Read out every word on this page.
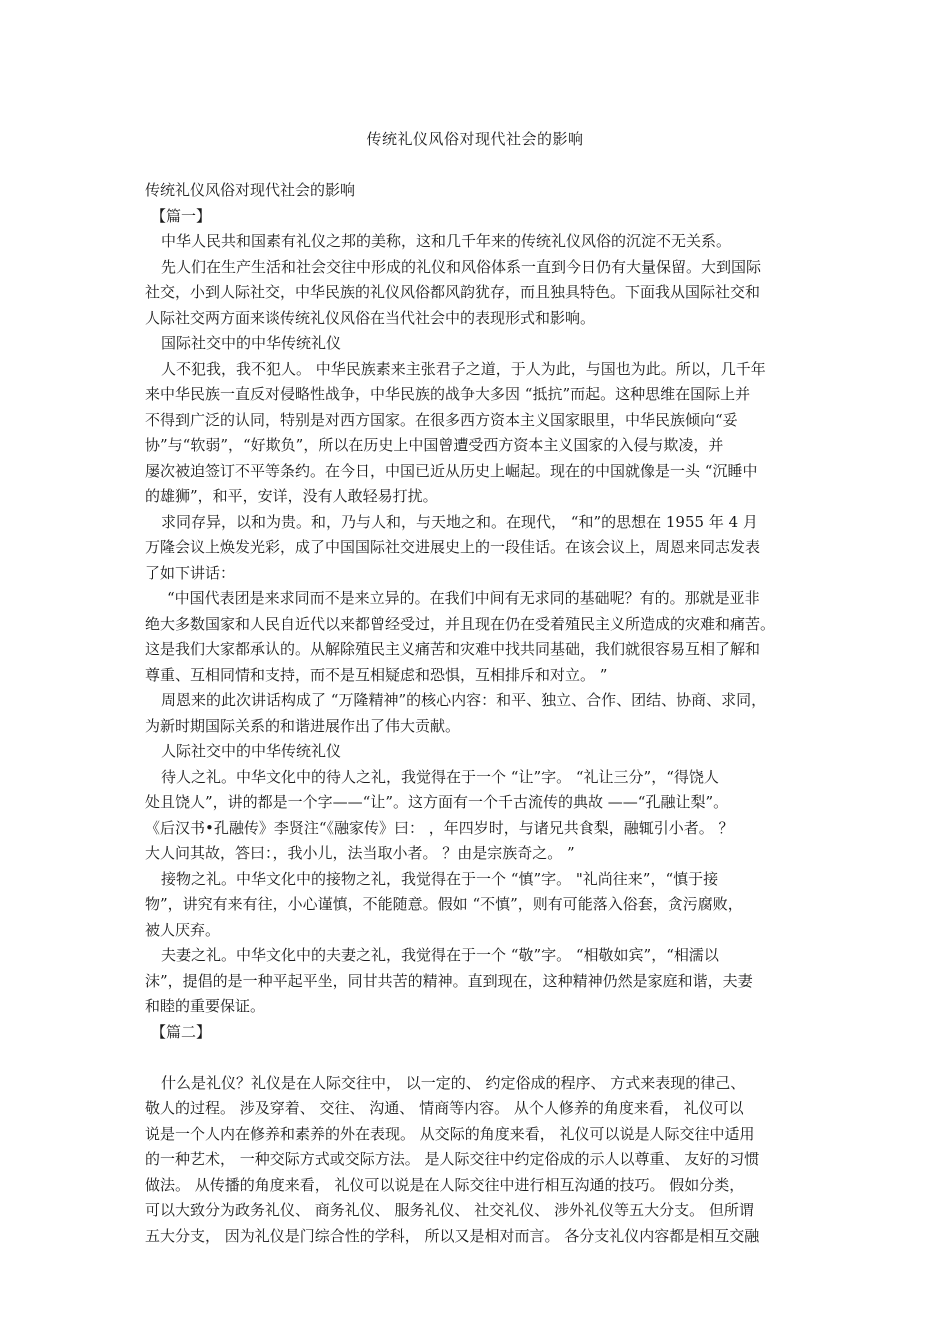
传统礼仪风俗对现代社会的影响
传统礼仪风俗对现代社会的影响
【篇一】
中华人民共和国素有礼仪之邦的美称，这和几千年来的传统礼仪风俗的沉淀不无关系。
先人们在生产生活和社会交往中形成的礼仪和风俗体系一直到今日仍有大量保留。大到国际
社交，小到人际社交，中华民族的礼仪风俗都风韵犹存，而且独具特色。下面我从国际社交和
人际社交两方面来谈传统礼仪风俗在当代社会中的表现形式和影响。
国际社交中的中华传统礼仪
人不犯我，我不犯人。 中华民族素来主张君子之道，于人为此，与国也为此。所以，几千年
来中华民族一直反对侵略性战争，中华民族的战争大多因 “抵抗”而起。这种思维在国际上并
不得到广泛的认同，特别是对西方国家。在很多西方资本主义国家眼里，中华民族倾向“妥
协”与“软弱”，“好欺负”，所以在历史上中国曾遭受西方资本主义国家的入侵与欺凌，并
屡次被迫签订不平等条约。在今日，中国已近从历史上崛起。现在的中国就像是一头 “沉睡中
的雄狮”，和平，安详，没有人敢轻易打扰。
求同存异，以和为贵。和，乃与人和，与天地之和。在现代， “和”的思想在 1955 年 4 月
万隆会议上焕发光彩，成了中国国际社交进展史上的一段佳话。在该会议上，周恩来同志发表
了如下讲话：
“中国代表团是来求同而不是来立异的。在我们中间有无求同的基础呢？有的。那就是亚非
绝大多数国家和人民自近代以来都曾经受过，并且现在仍在受着殖民主义所造成的灾难和痛苦。
这是我们大家都承认的。从解除殖民主义痛苦和灾难中找共同基础，我们就很容易互相了解和
尊重、互相同情和支持，而不是互相疑虑和恐惧，互相排斥和对立。 ”
周恩来的此次讲话构成了 “万隆精神”的核心内容：和平、独立、合作、团结、协商、求同，
为新时期国际关系的和谐进展作出了伟大贡献。
人际社交中的中华传统礼仪
待人之礼。中华文化中的待人之礼，我觉得在于一个 “让”字。 “礼让三分”，“得饶人
处且饶人”，讲的都是一个字——“让”。这方面有一个千古流传的典故 ——“孔融让梨”。
《后汉书•孔融传》李贤注“《融家传》曰： ，年四岁时，与诸兄共食梨，融辄引小者。 ？
大人问其故，答曰：，我小儿，法当取小者。 ？由是宗族奇之。 ”
接物之礼。中华文化中的接物之礼，我觉得在于一个 “慎”字。 "礼尚往来”，“慎于接
物”，讲究有来有往，小心谨慎，不能随意。假如 “不慎”，则有可能落入俗套，贪污腐败，
被人厌弃。
夫妻之礼。中华文化中的夫妻之礼，我觉得在于一个 “敬”字。 “相敬如宾”，“相濡以
沫”，提倡的是一种平起平坐，同甘共苦的精神。直到现在，这种精神仍然是家庭和谐，夫妻
和睦的重要保证。
【篇二】
什么是礼仪？礼仪是在人际交往中， 以一定的、 约定俗成的程序、 方式来表现的律己、
敬人的过程。 涉及穿着、 交往、 沟通、 情商等内容。 从个人修养的角度来看， 礼仪可以
说是一个人内在修养和素养的外在表现。 从交际的角度来看， 礼仪可以说是人际交往中适用
的一种艺术， 一种交际方式或交际方法。 是人际交往中约定俗成的示人以尊重、 友好的习惯
做法。 从传播的角度来看， 礼仪可以说是在人际交往中进行相互沟通的技巧。 假如分类，
可以大致分为政务礼仪、 商务礼仪、 服务礼仪、 社交礼仪、 涉外礼仪等五大分支。 但所谓
五大分支， 因为礼仪是门综合性的学科， 所以又是相对而言。 各分支礼仪内容都是相互交融
